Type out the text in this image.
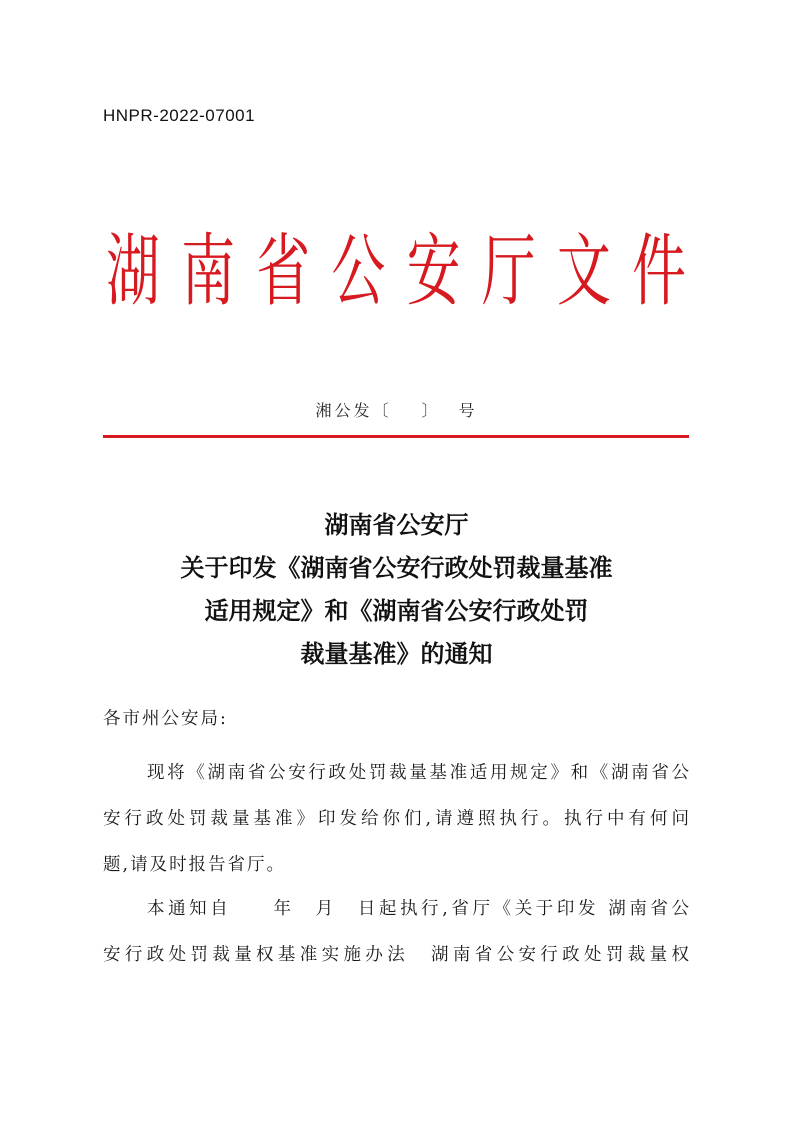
HNPR-2022-07001
湖 南 省 公 安 厅 文 件
湘公发〔 〕 号
湖南省公安厅
关于印发《湖南省公安行政处罚裁量基准
适用规定》和《湖南省公安行政处罚
裁量基准》的通知
各市州公安局:
现将《湖南省公安行政处罚裁量基准适用规定》和《湖南省公
安行政处罚裁量基准》印发给你们,请遵照执行。执行中有何问
题,请及时报告省厅。
本通知自　　年　月　日起执行,省厅《关于印发 湖南省公
安行政处罚裁量权基准实施办法　湖南省公安行政处罚裁量权
